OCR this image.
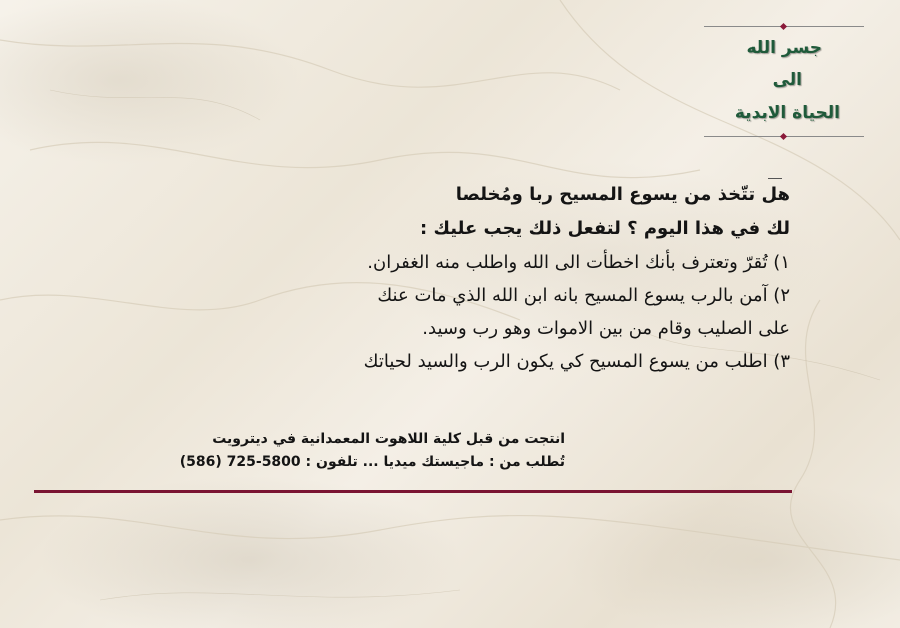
جسر الله
الى
الحياة الابدية

هل تتّخذ من يسوع المسيح ربا ومُخلصا

لك في هذا اليوم ؟ لتفعل ذلك يجب عليك :

١) تُقرّ وتعترف بأنك اخطأت الى الله واطلب منه الغفران.

٢) آمن بالرب يسوع المسيح بانه ابن الله الذي مات عنك

على الصليب وقام من بين الاموات وهو رب وسيد.

٣) اطلب من يسوع المسيح كي يكون الرب والسيد لحياتك

انتجت من قبل كلية اللاهوت المعمدانية في ديترويت

تُطلب من : ماجيستك ميديا ... تلفون : (586) 725-5800
